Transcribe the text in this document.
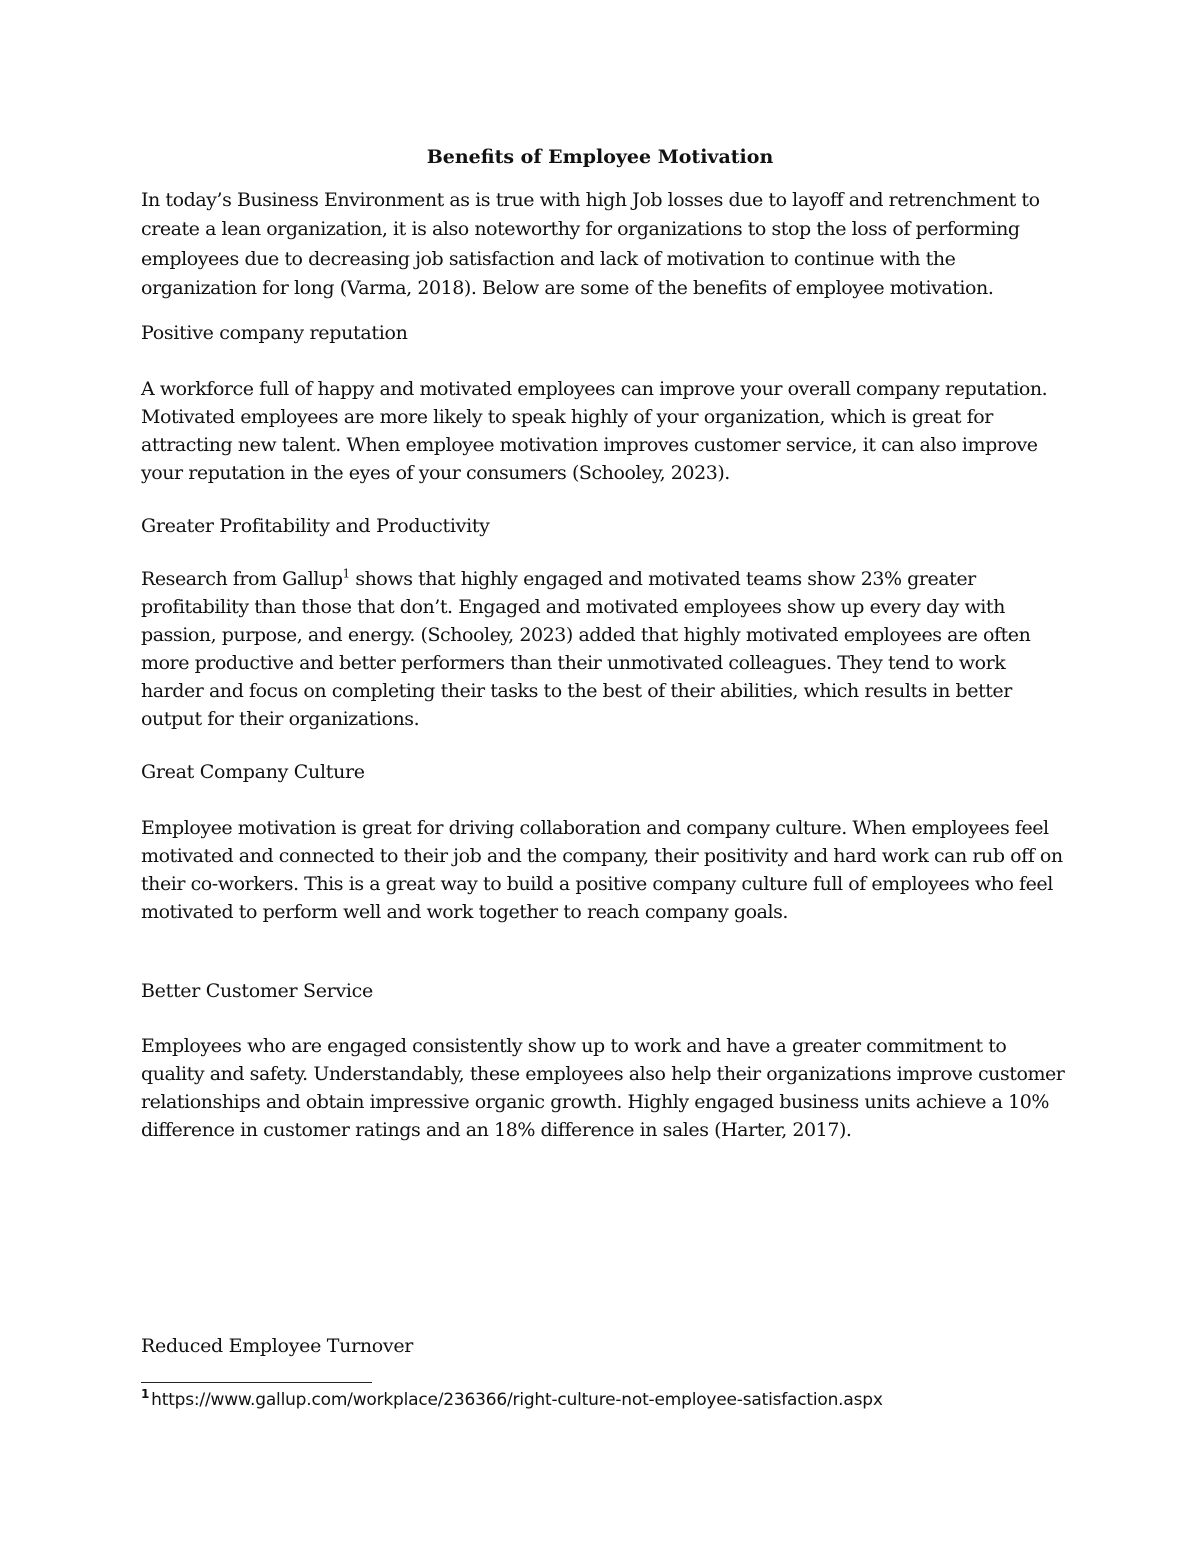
Benefits of Employee Motivation

In today’s Business Environment as is true with high Job losses due to layoff and retrenchment to create a lean organization, it is also noteworthy for organizations to stop the loss of performing employees due to decreasing job satisfaction and lack of motivation to continue with the organization for long (Varma, 2018). Below are some of the benefits of employee motivation.

Positive company reputation

A workforce full of happy and motivated employees can improve your overall company reputation. Motivated employees are more likely to speak highly of your organization, which is great for attracting new talent. When employee motivation improves customer service, it can also improve your reputation in the eyes of your consumers (Schooley, 2023).

Greater Profitability and Productivity

Research from Gallup$^1$ shows that highly engaged and motivated teams show 23% greater profitability than those that don’t. Engaged and motivated employees show up every day with passion, purpose, and energy. (Schooley, 2023) added that highly motivated employees are often more productive and better performers than their unmotivated colleagues. They tend to work harder and focus on completing their tasks to the best of their abilities, which results in better output for their organizations.

Great Company Culture

Employee motivation is great for driving collaboration and company culture. When employees feel motivated and connected to their job and the company, their positivity and hard work can rub off on their co-workers. This is a great way to build a positive company culture full of employees who feel motivated to perform well and work together to reach company goals.

Better Customer Service

Employees who are engaged consistently show up to work and have a greater commitment to quality and safety. Understandably, these employees also help their organizations improve customer relationships and obtain impressive organic growth. Highly engaged business units achieve a 10% difference in customer ratings and an 18% difference in sales (Harter, 2017).

Reduced Employee Turnover

$^1$ https://www.gallup.com/workplace/236366/right-culture-not-employee-satisfaction.aspx
